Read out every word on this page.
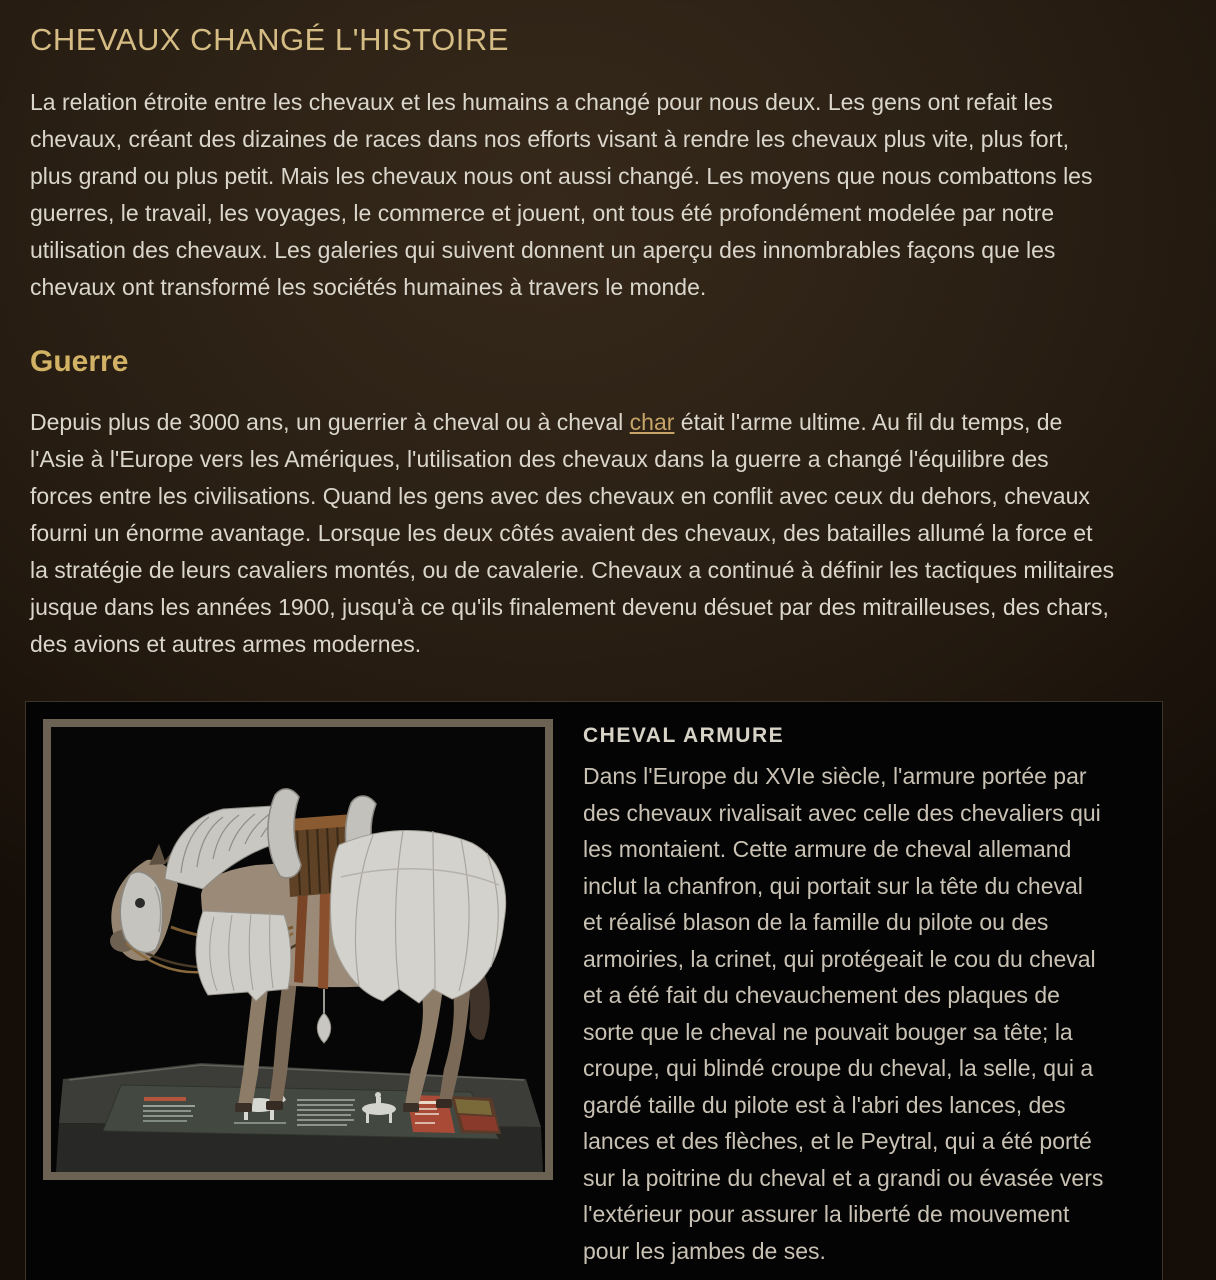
CHEVAUX CHANGÉ L'HISTOIRE

La relation étroite entre les chevaux et les humains a changé pour nous deux. Les gens ont refait les chevaux, créant des dizaines de races dans nos efforts visant à rendre les chevaux plus vite, plus fort, plus grand ou plus petit. Mais les chevaux nous ont aussi changé. Les moyens que nous combattons les guerres, le travail, les voyages, le commerce et jouent, ont tous été profondément modelée par notre utilisation des chevaux. Les galeries qui suivent donnent un aperçu des innombrables façons que les chevaux ont transformé les sociétés humaines à travers le monde.

Guerre

Depuis plus de 3000 ans, un guerrier à cheval ou à cheval char était l'arme ultime. Au fil du temps, de l'Asie à l'Europe vers les Amériques, l'utilisation des chevaux dans la guerre a changé l'équilibre des forces entre les civilisations. Quand les gens avec des chevaux en conflit avec ceux du dehors, chevaux fourni un énorme avantage. Lorsque les deux côtés avaient des chevaux, des batailles allumé la force et la stratégie de leurs cavaliers montés, ou de cavalerie. Chevaux a continué à définir les tactiques militaires jusque dans les années 1900, jusqu'à ce qu'ils finalement devenu désuet par des mitrailleuses, des chars, des avions et autres armes modernes.

CHEVAL ARMURE

Dans l'Europe du XVIe siècle, l'armure portée par des chevaux rivalisait avec celle des chevaliers qui les montaient. Cette armure de cheval allemand inclut la chanfron, qui portait sur la tête du cheval et réalisé blason de la famille du pilote ou des armoiries, la crinet, qui protégeait le cou du cheval et a été fait du chevauchement des plaques de sorte que le cheval ne pouvait bouger sa tête; la croupe, qui blindé croupe du cheval, la selle, qui a gardé taille du pilote est à l'abri des lances, des lances et des flèches, et le Peytral, qui a été porté sur la poitrine du cheval et a grandi ou évasée vers l'extérieur pour assurer la liberté de mouvement pour les jambes de ses.
